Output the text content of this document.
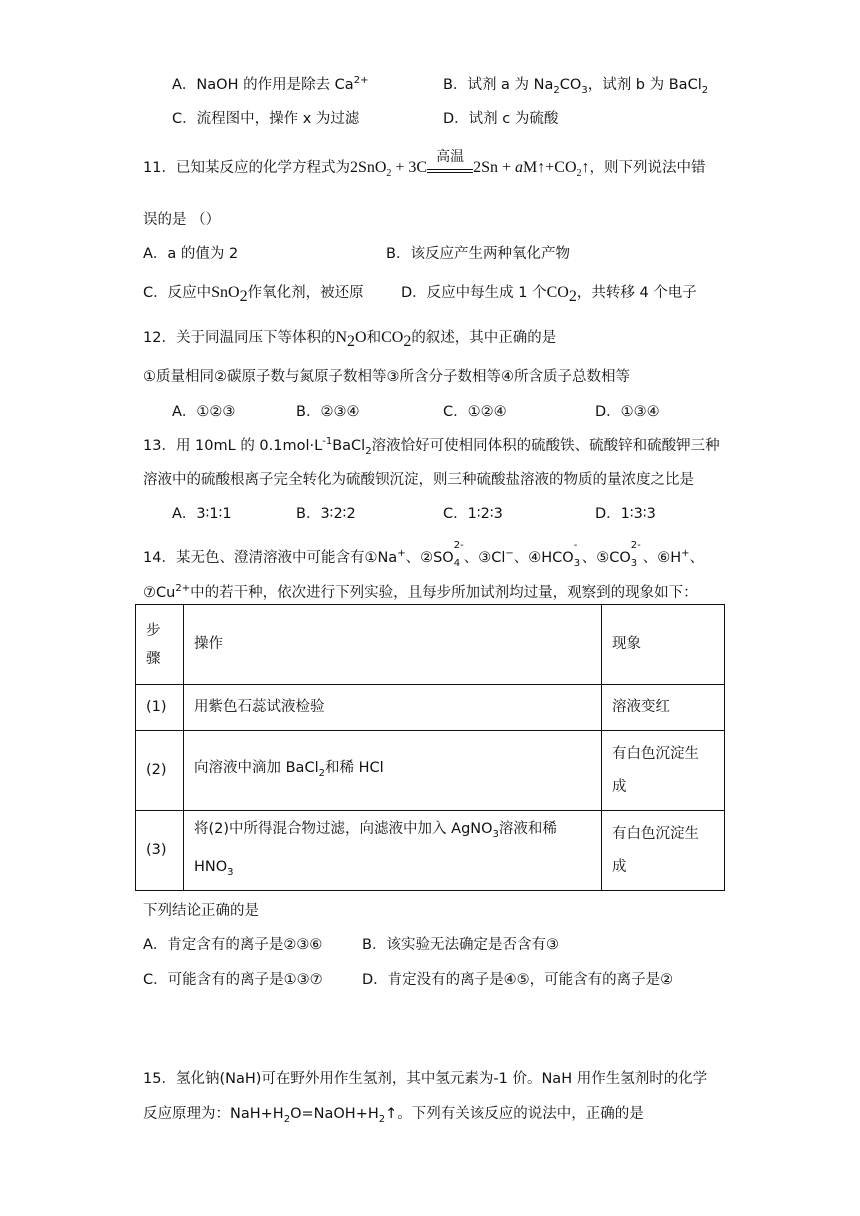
A．NaOH 的作用是除去 $Ca^{2+}$	B．试剂 a 为 $Na_2CO_3$，试剂 b 为 BaCl$_2$
C．流程图中，操作 x 为过滤	D．试剂 c 为硫酸
11．已知某反应的化学方程式为2SnO$_2$ + 3C
高温
$2Sn + aM↑+CO_2↑$，则下列说法中错
误的是 （）
A．a 的值为 2	B．该反应产生两种氧化产物
C．反应中SnO$_2$作氧化剂，被还原	D．反应中每生成 1 个$CO_2$，共转移 4 个电子
12．关于同温同压下等体积的$N_2O$和$CO_2$的叙述，其中正确的是
①质量相同②碳原子数与氮原子数相等③所含分子数相等④所含质子总数相等
A．①②③	B．②③④	C．①②④	D．①③④
13．用 10mL 的 $0.1mol\cdot L^{-1}BaCl_2$溶液恰好可使相同体积的硫酸铁、硫酸锌和硫酸钾三种
溶液中的硫酸根离子完全转化为硫酸钡沉淀，则三种硫酸盐溶液的物质的量浓度之比是
A．3∶1∶1	B．3∶2∶2	C．1∶2∶3	D．1∶3∶3
14．某无色、澄清溶液中可能含有①Na+、②SO
2-
4 、③Cl−、④HCO
-
3 、⑤CO
2-
3 、⑥H+、
$⑦Cu^{2+}$中的若干种，依次进行下列实验，且每步所加试剂均过量，观察到的现象如下：
步
骤	操作	现象
(1)	用紫色石蕊试液检验	溶液变红
(2)	向溶液中滴加 BaCl$_2$和稀 HCl	有白色沉淀生
成

(3)	将(2)中所得混合物过滤，向滤液中加入 AgNO$_3$溶液和稀 $HNO_3$	有白色沉淀生
成
下列结论正确的是
A．肯定含有的离子是②③⑥	B．该实验无法确定是否含有③
C．可能含有的离子是①③⑦	D．肯定没有的离子是④⑤，可能含有的离子是②
15．氢化钠(NaH)可在野外用作生氢剂，其中氢元素为-1 价。NaH 用作生氢剂时的化学
反应原理为：$NaH+H_2O=NaOH+H_2↑$。下列有关该反应的说法中，正确的是
